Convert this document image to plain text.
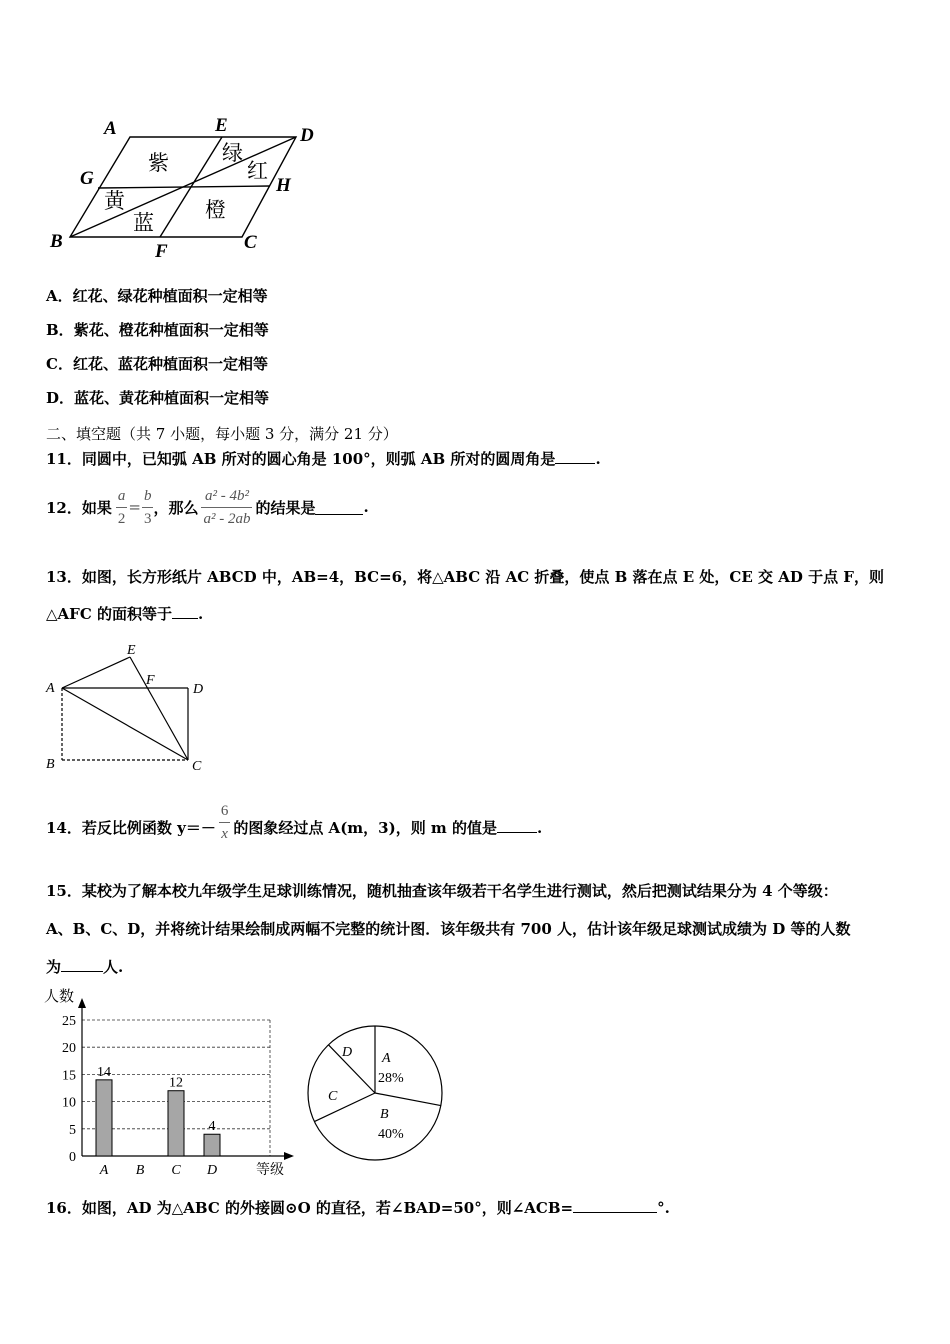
A	E	D
G	H
B	F	C
紫	绿
红
黄
蓝
橙
A．红花、绿花种植面积一定相等
B．紫花、橙花种植面积一定相等
C．红花、蓝花种植面积一定相等
D．蓝花、黄花种植面积一定相等
二、填空题（共 7 小题，每小题 3 分，满分 21 分）
11．同圆中，已知弧 AB 所对的圆心角是 100°，则弧 AB 所对的圆周角是	.
12．如果 $\frac{a}{2} = \frac{b}{3}$ ，那么 $\frac{\text{a² - 4b²}}{\text{a² - 2ab}}$ 的结果是	.
13．如图，长方形纸片 ABCD 中，AB=4，BC=6，将△ABC 沿 AC 折叠，使点 B 落在点 E 处，CE 交 AD 于点 F，则
△AFC 的面积等于 .
A
E
F
D
B	C
14．若反比例函数 $y=- \frac{6}{x}$ 的图象经过点 A(m，3)，则 m 的值是	.
15．某校为了解本校九年级学生足球训练情况，随机抽查该年级若干名学生进行测试，然后把测试结果分为 4 个等级：
A、B、C、D，并将统计结果绘制成两幅不完整的统计图．该年级共有 700 人，估计该年级足球测试成绩为 D 等的人数
为	人.
0
5
10
15
20
25
人数
等级
A
14
B C
12
D
4
A
28%
B
40%
C
D
16．如图，AD 为△ABC 的外接圆⊙O 的直径，若∠BAD=50°，则∠ACB=	°.
